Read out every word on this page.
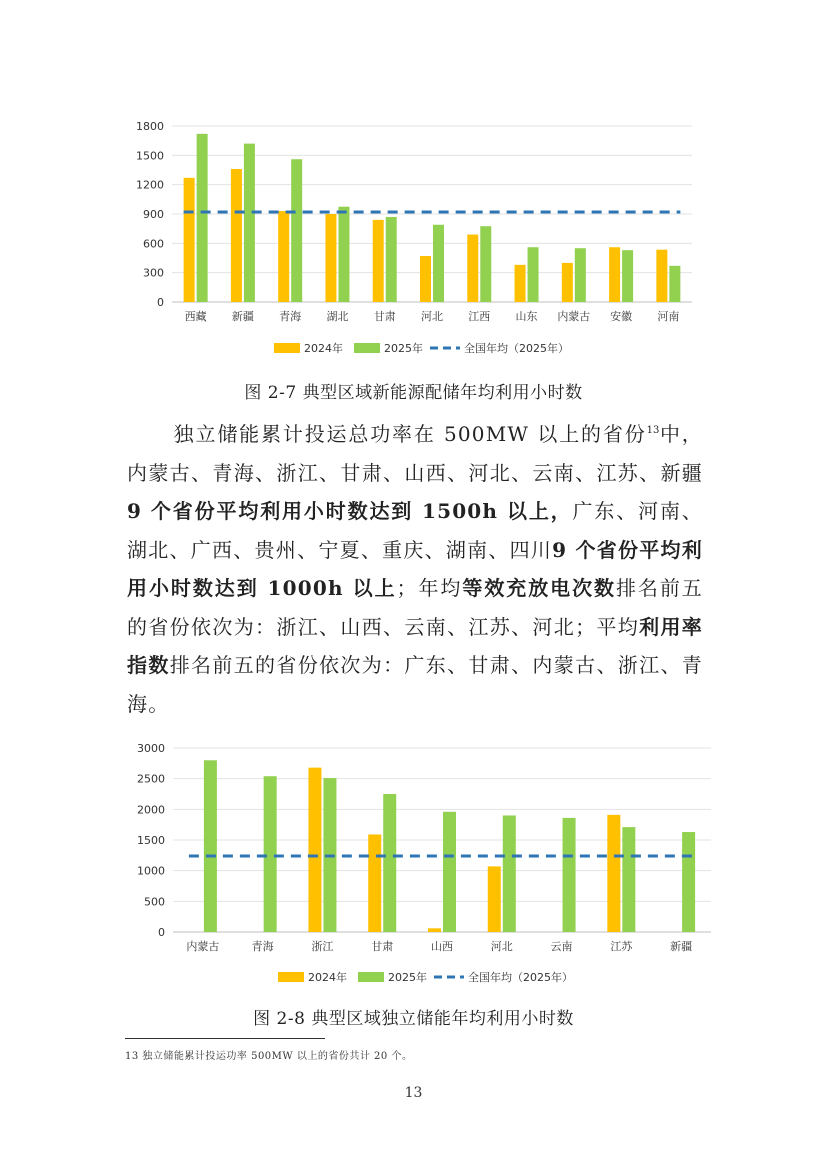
0
300
600
900
1200
1500
1800
西藏 新疆 青海 湖北 甘肃 河北 江西 山东 内蒙古 安徽 河南
2024年	2025年	全国年均（2025年）
图 2-7 典型区域新能源配储年均利用小时数
独立储能累计投运总功率在 500MW 以上的省份$^{13}$中，内蒙古、青海、浙江、甘肃、山西、河北、云南、江苏、新疆9 个省份平均利用小时数达到 1500h 以上，广东、河南、湖北、广西、贵州、宁夏、重庆、湖南、四川9 个省份平均利用小时数达到 1000h 以上；年均等效充放电次数排名前五的省份依次为：浙江、山西、云南、江苏、河北；平均利用率指数排名前五的省份依次为：广东、甘肃、内蒙古、浙江、青海。
0
500
1000
1500
2000
2500
3000
内蒙古	青海	浙江	甘肃	山西	河北	云南	江苏	新疆
2024年	2025年	全国年均（2025年）
图 2-8 典型区域独立储能年均利用小时数
13 独立储能累计投运功率 500MW 以上的省份共计 20 个。
13
